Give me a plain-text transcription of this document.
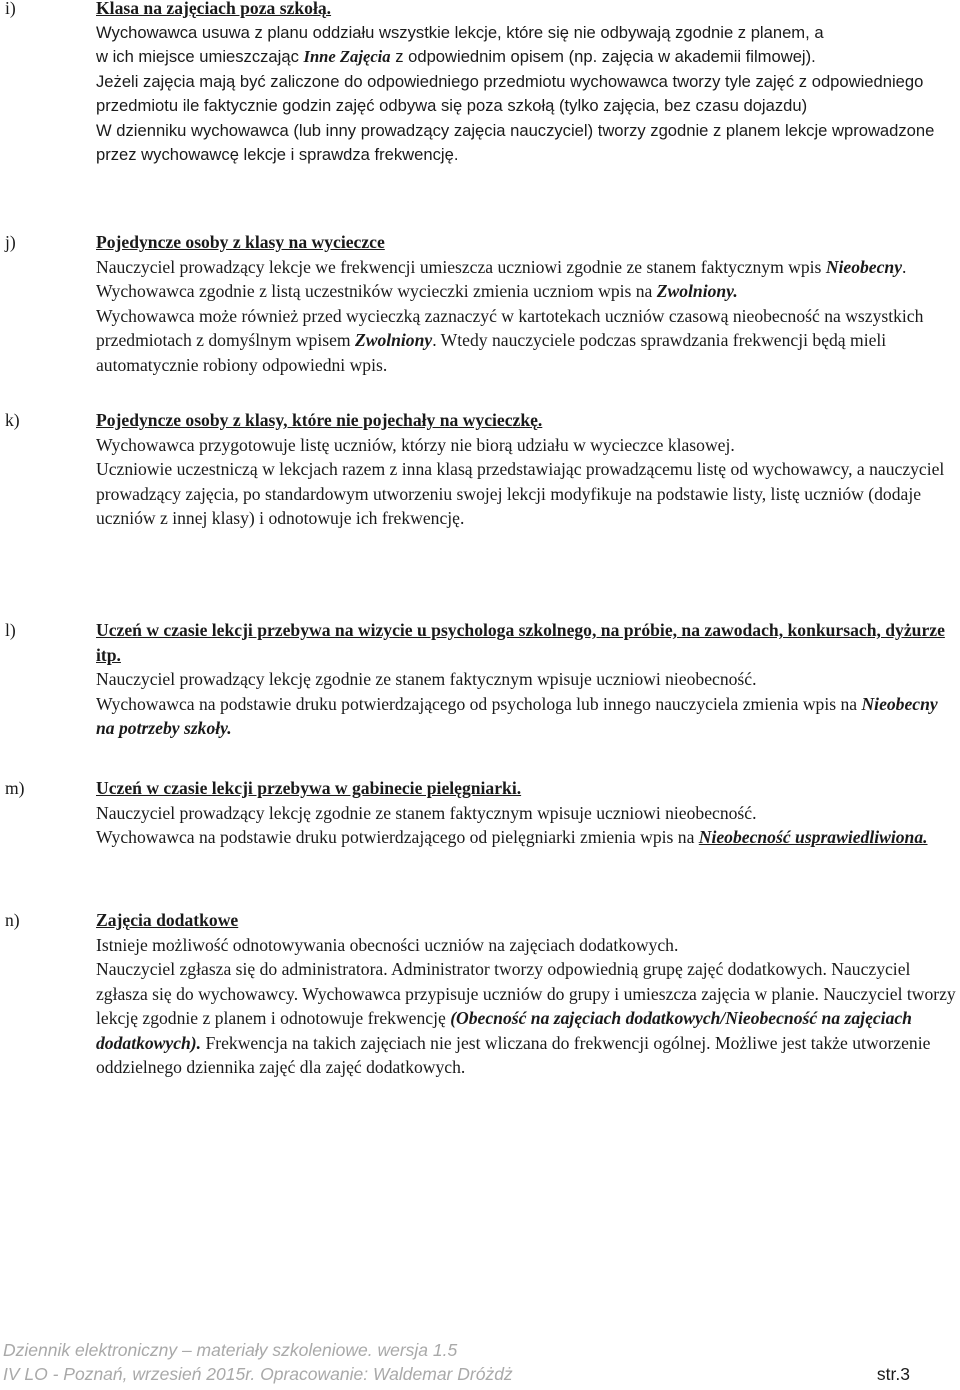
i)	Klasa na zajęciach poza szkołą.

Wychowawca usuwa z planu oddziału wszystkie lekcje, które się nie odbywają zgodnie z planem, a

w ich miejsce umieszczając Inne Zajęcia z odpowiednim opisem (np. zajęcia w akademii filmowej).

Jeżeli zajęcia mają być zaliczone do odpowiedniego przedmiotu wychowawca tworzy tyle zajęć z odpowiedniego przedmiotu ile faktycznie godzin zajęć odbywa się poza szkołą (tylko zajęcia, bez czasu dojazdu)

W dzienniku wychowawca (lub inny prowadzący zajęcia nauczyciel) tworzy zgodnie z planem lekcje wprowadzone przez wychowawcę lekcje i sprawdza frekwencję.

j)	Pojedyncze osoby z klasy na wycieczce

Nauczyciel prowadzący lekcje we frekwencji umieszcza uczniowi zgodnie ze stanem faktycznym wpis Nieobecny.

Wychowawca zgodnie z listą uczestników wycieczki zmienia uczniom wpis na Zwolniony.

Wychowawca może również przed wycieczką zaznaczyć w kartotekach uczniów czasową nieobecność na wszystkich przedmiotach z domyślnym wpisem Zwolniony. Wtedy nauczyciele podczas sprawdzania frekwencji będą mieli automatycznie robiony odpowiedni wpis.

k)	Pojedyncze osoby z klasy, które nie pojechały na wycieczkę.

Wychowawca przygotowuje listę uczniów, którzy nie biorą udziału w wycieczce klasowej.

Uczniowie uczestniczą w lekcjach razem z inna klasą przedstawiając prowadzącemu listę od wychowawcy, a nauczyciel prowadzący zajęcia, po standardowym utworzeniu swojej lekcji modyfikuje na podstawie listy, listę uczniów (dodaje uczniów z innej klasy) i odnotowuje ich frekwencję.

l)	Uczeń w czasie lekcji przebywa na wizycie u psychologa szkolnego, na próbie, na zawodach, konkursach, dyżurze itp.

Nauczyciel prowadzący lekcję zgodnie ze stanem faktycznym wpisuje uczniowi nieobecność.

Wychowawca na podstawie druku potwierdzającego od psychologa lub innego nauczyciela zmienia wpis na Nieobecny na potrzeby szkoły.

m)	Uczeń w czasie lekcji przebywa w gabinecie pielęgniarki.

Nauczyciel prowadzący lekcję zgodnie ze stanem faktycznym wpisuje uczniowi nieobecność.

Wychowawca na podstawie druku potwierdzającego od pielęgniarki zmienia wpis na Nieobecność usprawiedliwiona.

n)	Zajęcia dodatkowe

Istnieje możliwość odnotowywania obecności uczniów na zajęciach dodatkowych.

Nauczyciel zgłasza się do administratora. Administrator tworzy odpowiednią grupę zajęć dodatkowych. Nauczyciel zgłasza się do wychowawcy. Wychowawca przypisuje uczniów do grupy i umieszcza zajęcia w planie. Nauczyciel tworzy lekcję zgodnie z planem i odnotowuje frekwencję (Obecność na zajęciach dodatkowych/Nieobecność na zajęciach dodatkowych). Frekwencja na takich zajęciach nie jest wliczana do frekwencji ogólnej. Możliwe jest także utworzenie oddzielnego dziennika zajęć dla zajęć dodatkowych.

Dziennik elektroniczny – materiały szkoleniowe. wersja 1.5
IV LO - Poznań, wrzesień 2015r. Opracowanie: Waldemar Dróżdż	str.3
